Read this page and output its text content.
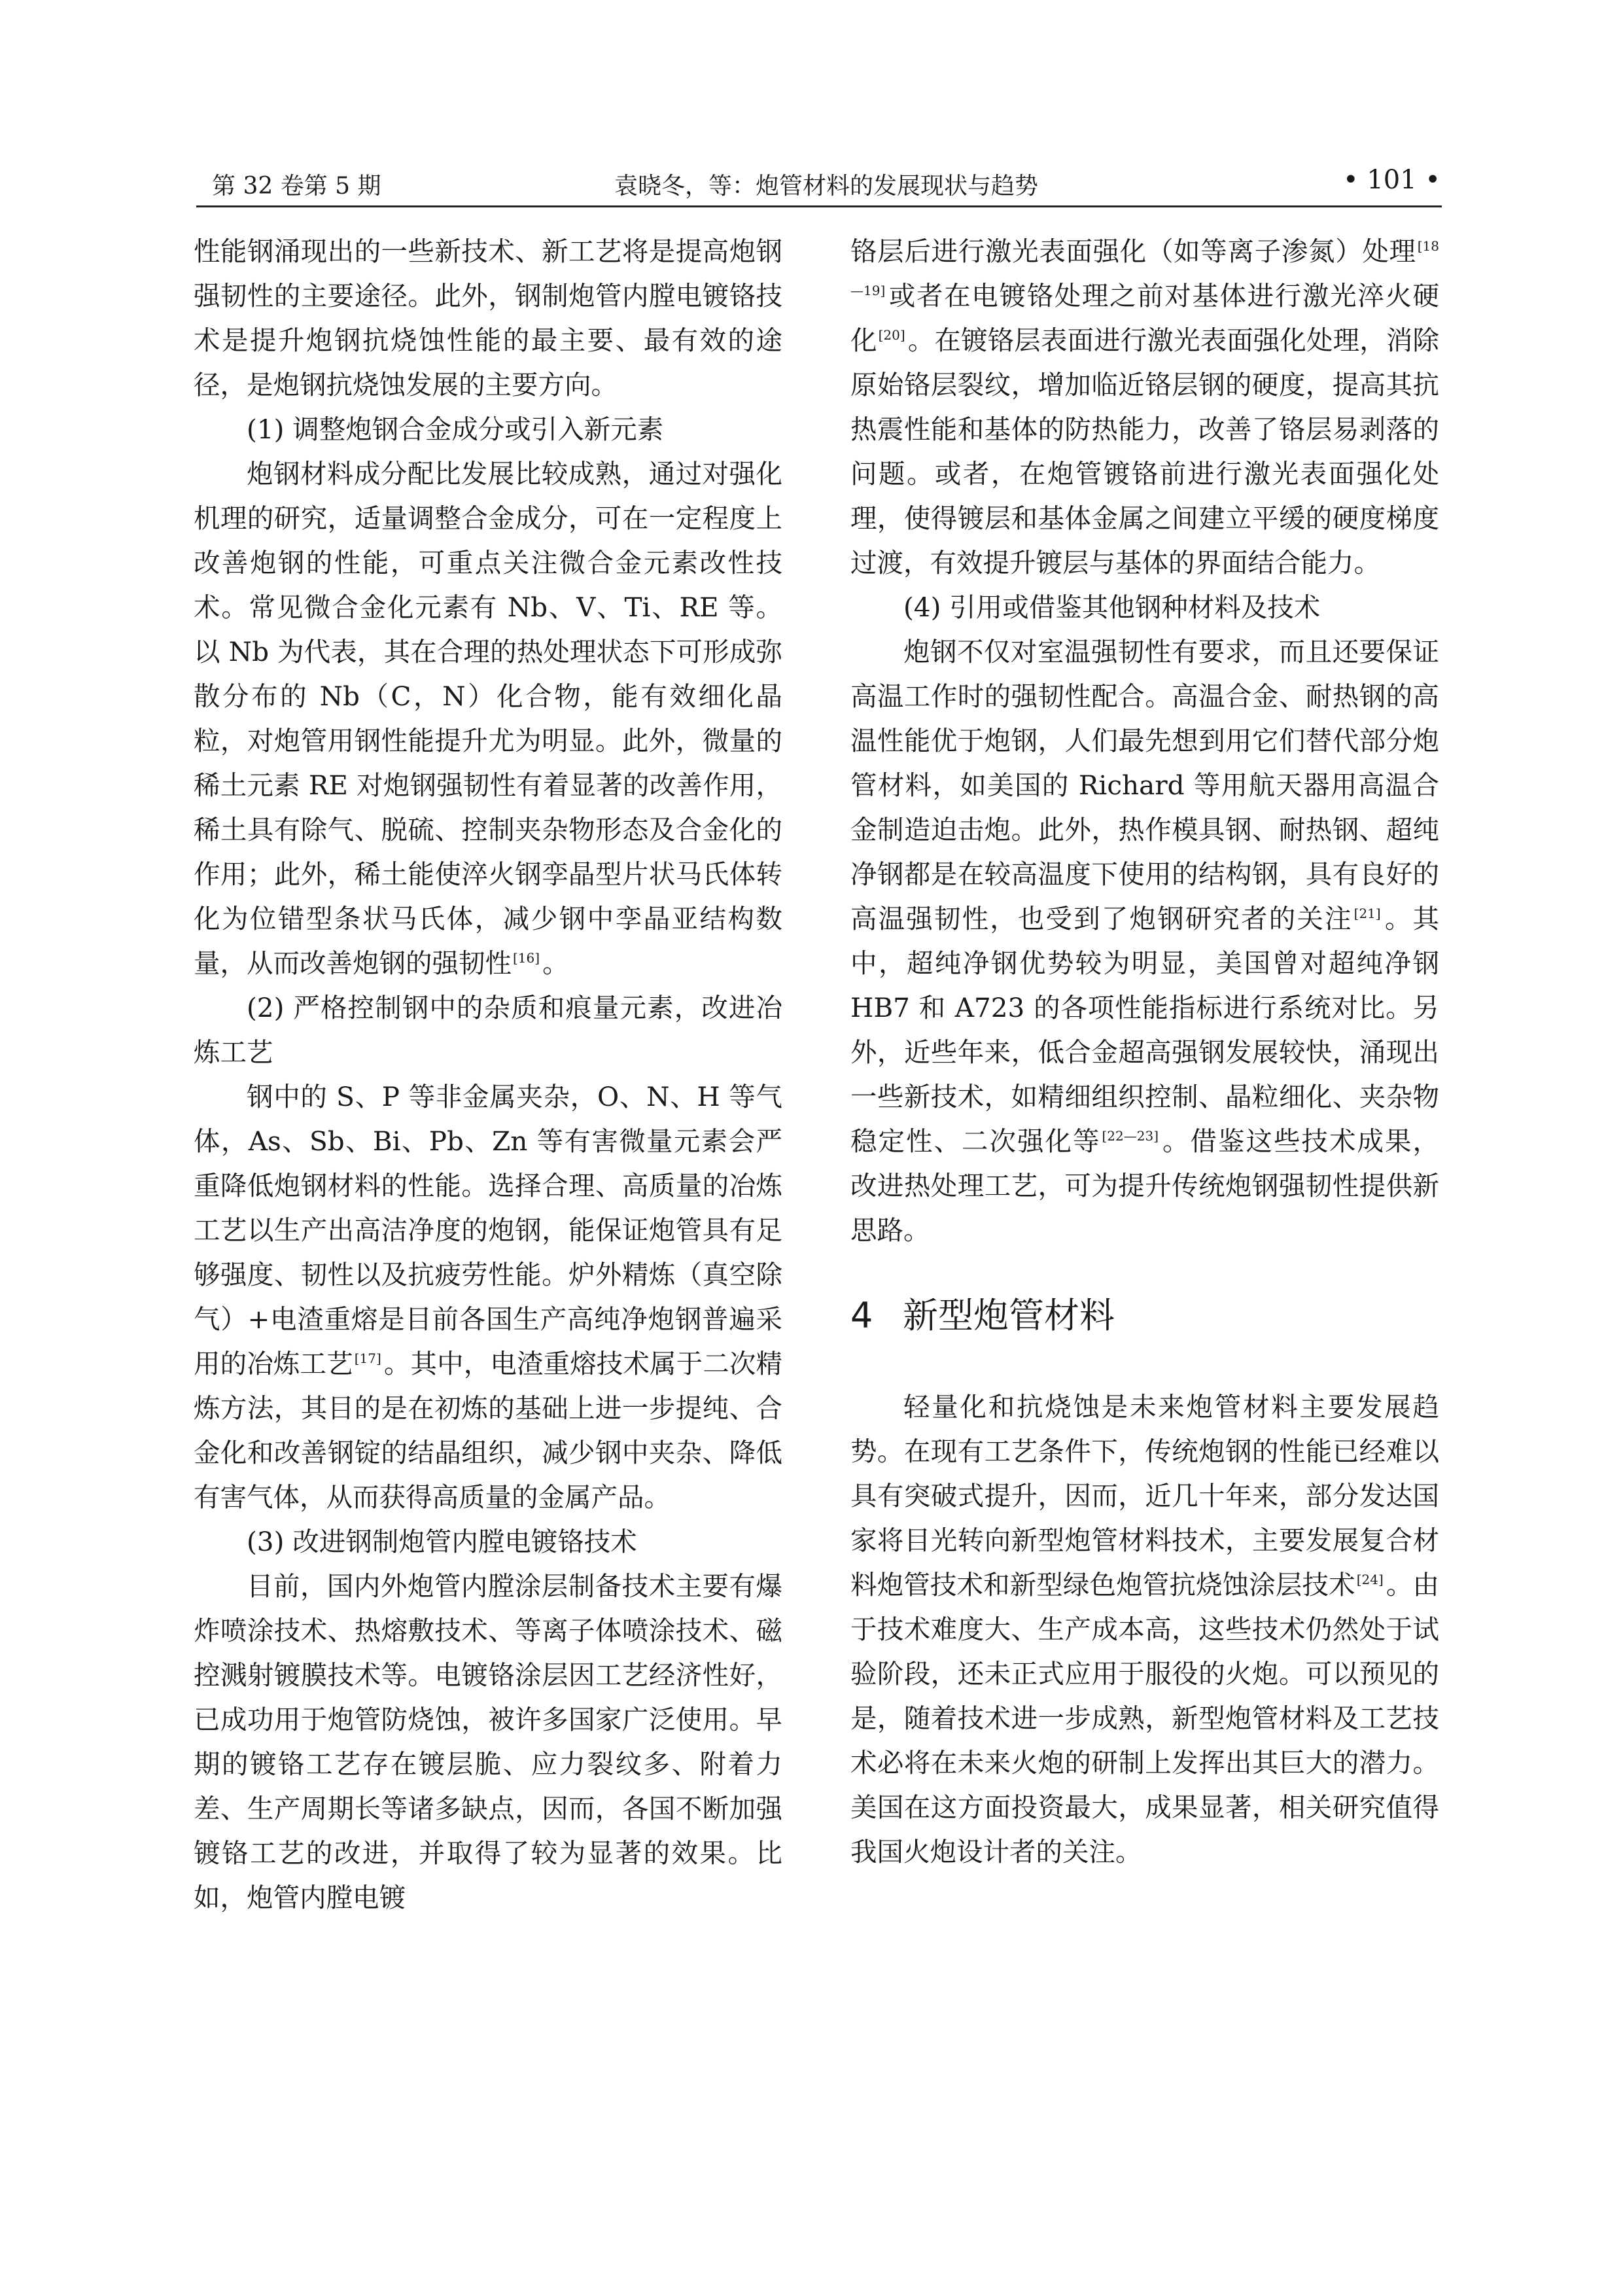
第 32 卷第 5 期	袁晓冬，等：炮管材料的发展现状与趋势	• 101 •

性能钢涌现出的一些新技术、新工艺将是提高炮钢强韧性的主要途径。此外，钢制炮管内膛电镀铬技术是提升炮钢抗烧蚀性能的最主要、最有效的途径，是炮钢抗烧蚀发展的主要方向。

(1) 调整炮钢合金成分或引入新元素

炮钢材料成分配比发展比较成熟，通过对强化机理的研究，适量调整合金成分，可在一定程度上改善炮钢的性能，可重点关注微合金元素改性技术。常见微合金化元素有 Nb、V、Ti、RE 等。以 Nb 为代表，其在合理的热处理状态下可形成弥散分布的 Nb（C，N）化合物，能有效细化晶粒，对炮管用钢性能提升尤为明显。此外，微量的稀土元素 RE 对炮钢强韧性有着显著的改善作用，稀土具有除气、脱硫、控制夹杂物形态及合金化的作用；此外，稀土能使淬火钢孪晶型片状马氏体转化为位错型条状马氏体，减少钢中孪晶亚结构数量，从而改善炮钢的强韧性 [16]。

(2) 严格控制钢中的杂质和痕量元素，改进冶炼工艺

钢中的 S、P 等非金属夹杂，O、N、H 等气体，As、Sb、Bi、Pb、Zn 等有害微量元素会严重降低炮钢材料的性能。选择合理、高质量的冶炼工艺以生产出高洁净度的炮钢，能保证炮管具有足够强度、韧性以及抗疲劳性能。炉外精炼（真空除气）+电渣重熔是目前各国生产高纯净炮钢普遍采用的冶炼工艺 [17]。其中，电渣重熔技术属于二次精炼方法，其目的是在初炼的基础上进一步提纯、合金化和改善钢锭的结晶组织，减少钢中夹杂、降低有害气体，从而获得高质量的金属产品。

(3) 改进钢制炮管内膛电镀铬技术

目前，国内外炮管内膛涂层制备技术主要有爆炸喷涂技术、热熔敷技术、等离子体喷涂技术、磁控溅射镀膜技术等。电镀铬涂层因工艺经济性好，已成功用于炮管防烧蚀，被许多国家广泛使用。早期的镀铬工艺存在镀层脆、应力裂纹多、附着力差、生产周期长等诸多缺点，因而，各国不断加强镀铬工艺的改进，并取得了较为显著的效果。比如，炮管内膛电镀

铬层后进行激光表面强化（如等离子渗氮）处理 [18—19]或者在电镀铬处理之前对基体进行激光淬火硬化 [20]。在镀铬层表面进行激光表面强化处理，消除原始铬层裂纹，增加临近铬层钢的硬度，提高其抗热震性能和基体的防热能力，改善了铬层易剥落的问题。或者，在炮管镀铬前进行激光表面强化处理，使得镀层和基体金属之间建立平缓的硬度梯度过渡，有效提升镀层与基体的界面结合能力。

(4) 引用或借鉴其他钢种材料及技术

炮钢不仅对室温强韧性有要求，而且还要保证高温工作时的强韧性配合。高温合金、耐热钢的高温性能优于炮钢，人们最先想到用它们替代部分炮管材料，如美国的 Richard 等用航天器用高温合金制造迫击炮。此外，热作模具钢、耐热钢、超纯净钢都是在较高温度下使用的结构钢，具有良好的高温强韧性，也受到了炮钢研究者的关注 [21]。其中，超纯净钢优势较为明显，美国曾对超纯净钢 HB7 和 A723 的各项性能指标进行系统对比。另外，近些年来，低合金超高强钢发展较快，涌现出一些新技术，如精细组织控制、晶粒细化、夹杂物稳定性、二次强化等 [22—23]。借鉴这些技术成果，改进热处理工艺，可为提升传统炮钢强韧性提供新思路。

4 新型炮管材料

轻量化和抗烧蚀是未来炮管材料主要发展趋势。在现有工艺条件下，传统炮钢的性能已经难以具有突破式提升，因而，近几十年来，部分发达国家将目光转向新型炮管材料技术，主要发展复合材料炮管技术和新型绿色炮管抗烧蚀涂层技术 [24]。由于技术难度大、生产成本高，这些技术仍然处于试验阶段，还未正式应用于服役的火炮。可以预见的是，随着技术进一步成熟，新型炮管材料及工艺技术必将在未来火炮的研制上发挥出其巨大的潜力。美国在这方面投资最大，成果显著，相关研究值得我国火炮设计者的关注。
